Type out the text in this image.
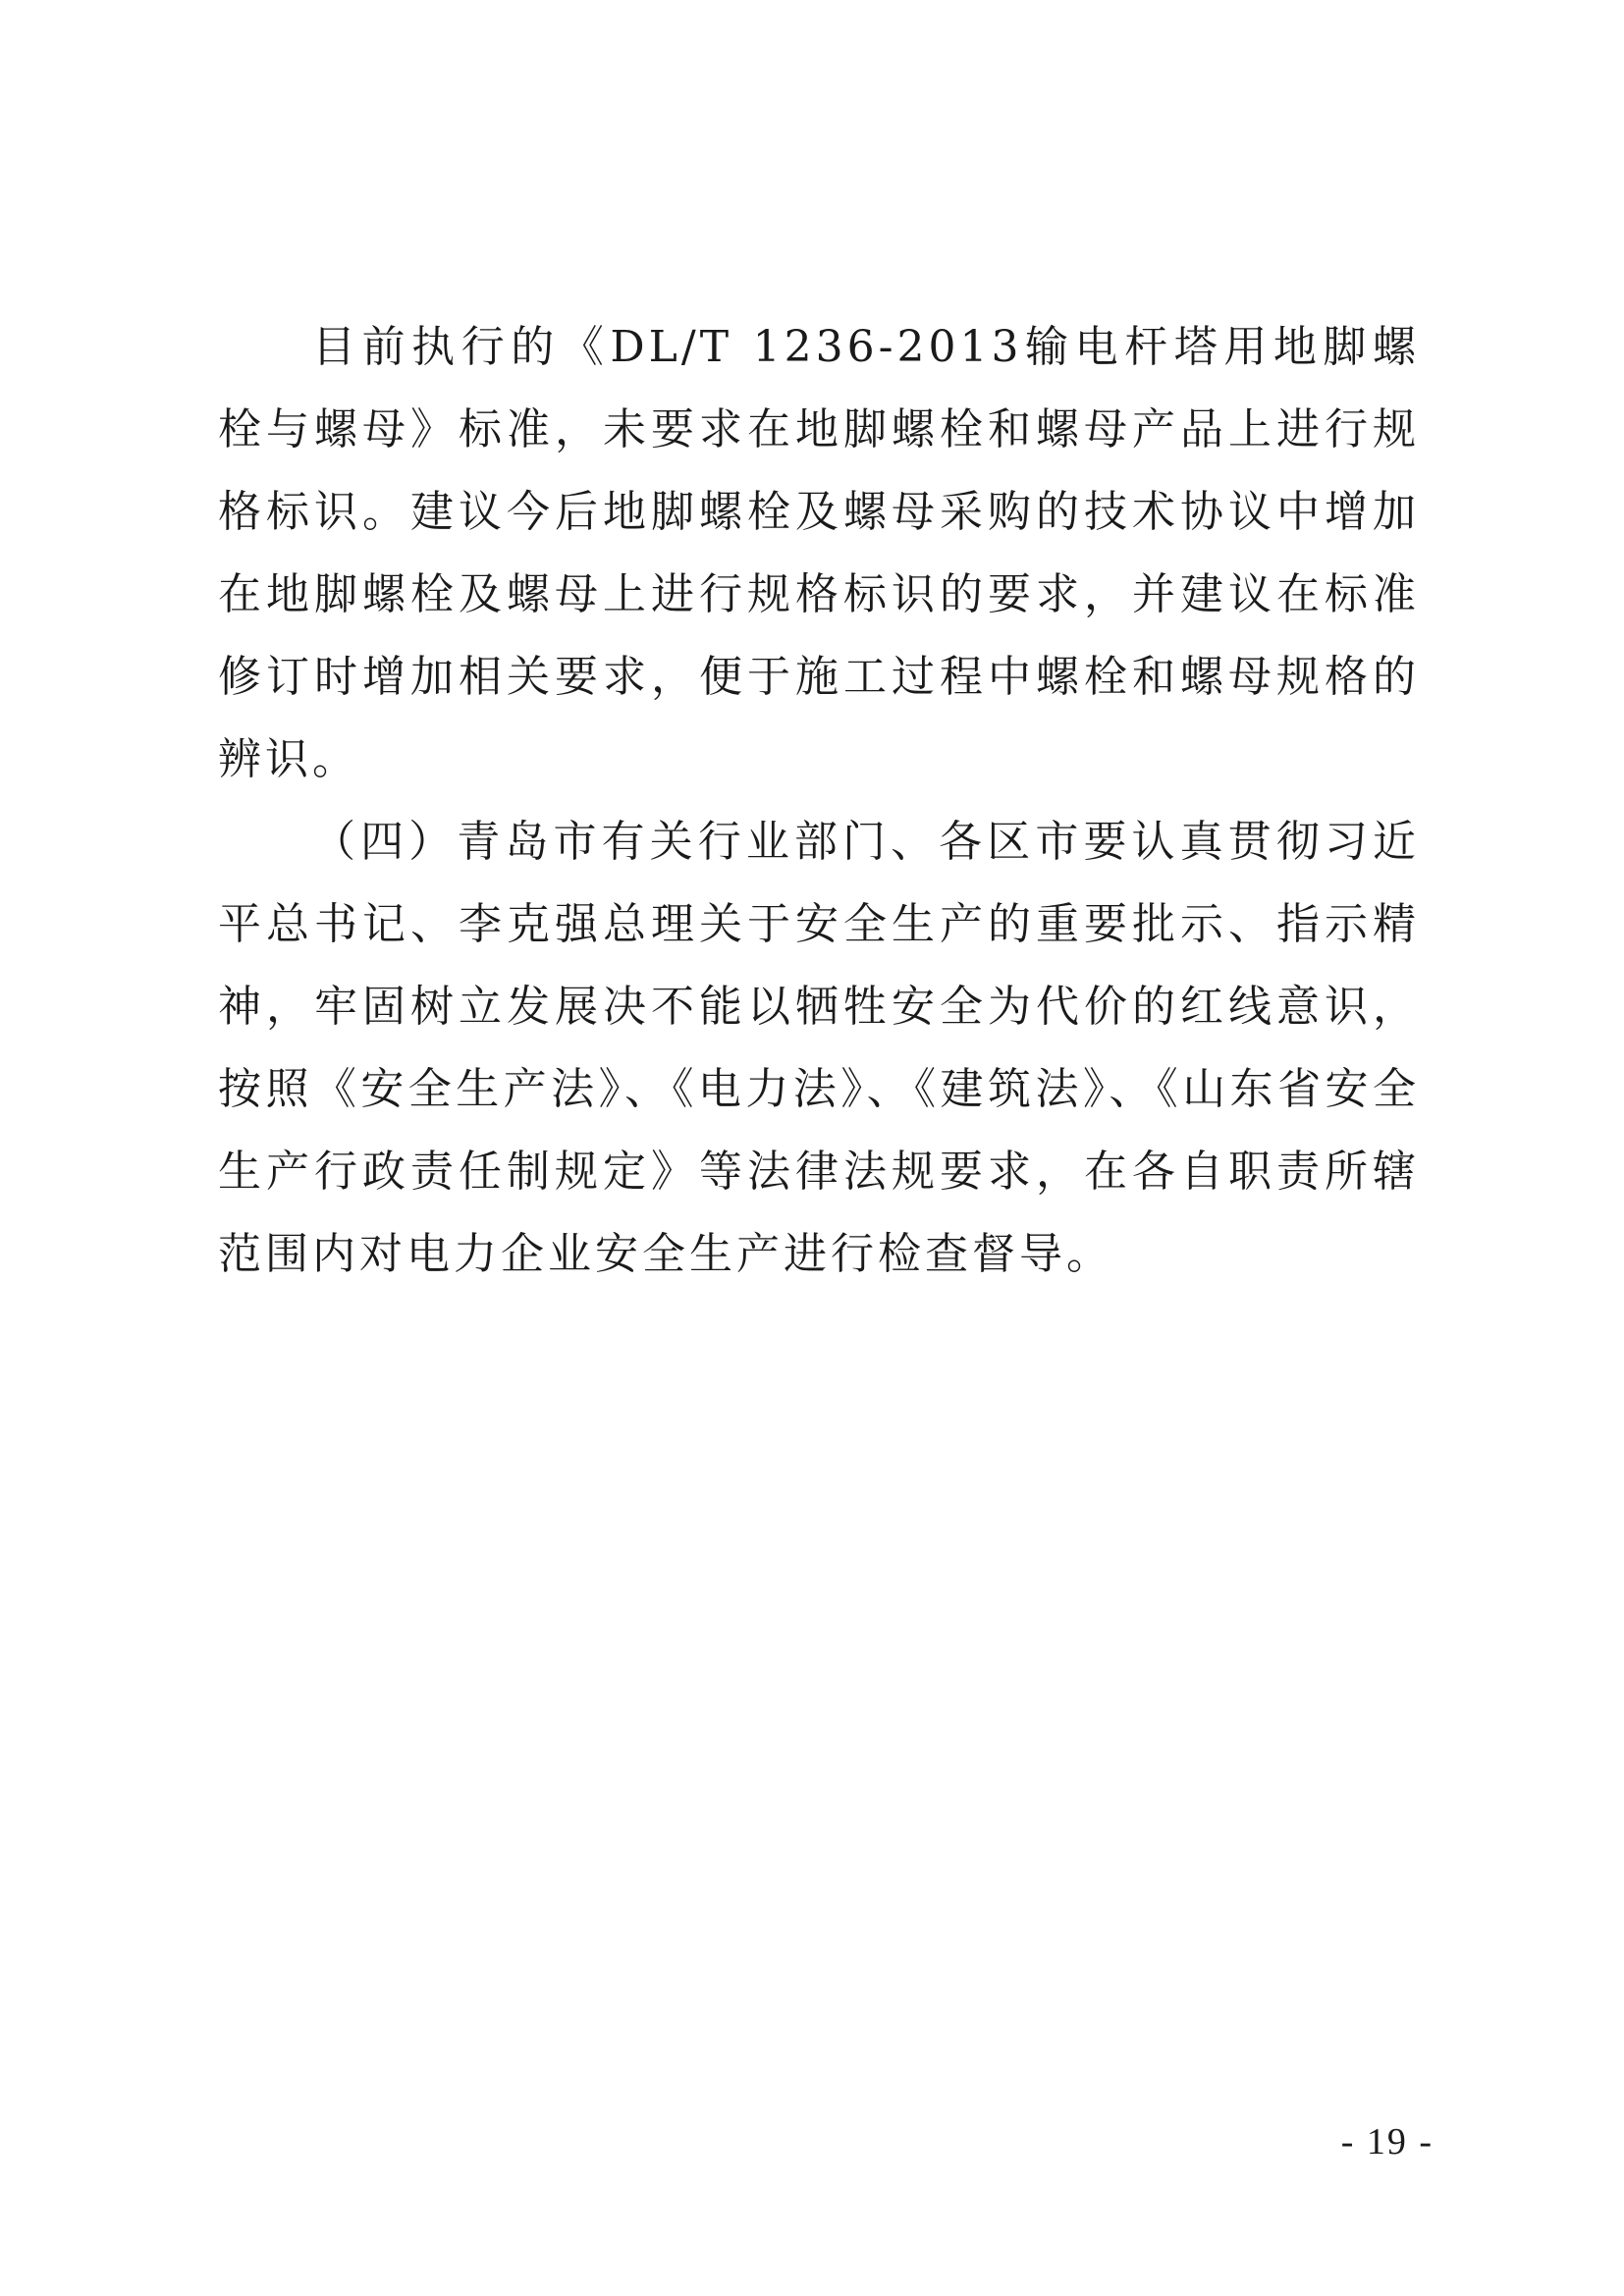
目前执行的《DL/T 1236-2013输电杆塔用地脚螺栓与螺母》标准，未要求在地脚螺栓和螺母产品上进行规格标识。建议今后地脚螺栓及螺母采购的技术协议中增加在地脚螺栓及螺母上进行规格标识的要求，并建议在标准修订时增加相关要求，便于施工过程中螺栓和螺母规格的辨识。

（四）青岛市有关行业部门、各区市要认真贯彻习近平总书记、李克强总理关于安全生产的重要批示、指示精神，牢固树立发展决不能以牺牲安全为代价的红线意识，按照《安全生产法》、《电力法》、《建筑法》、《山东省安全生产行政责任制规定》等法律法规要求，在各自职责所辖范围内对电力企业安全生产进行检查督导。

- 19 -
